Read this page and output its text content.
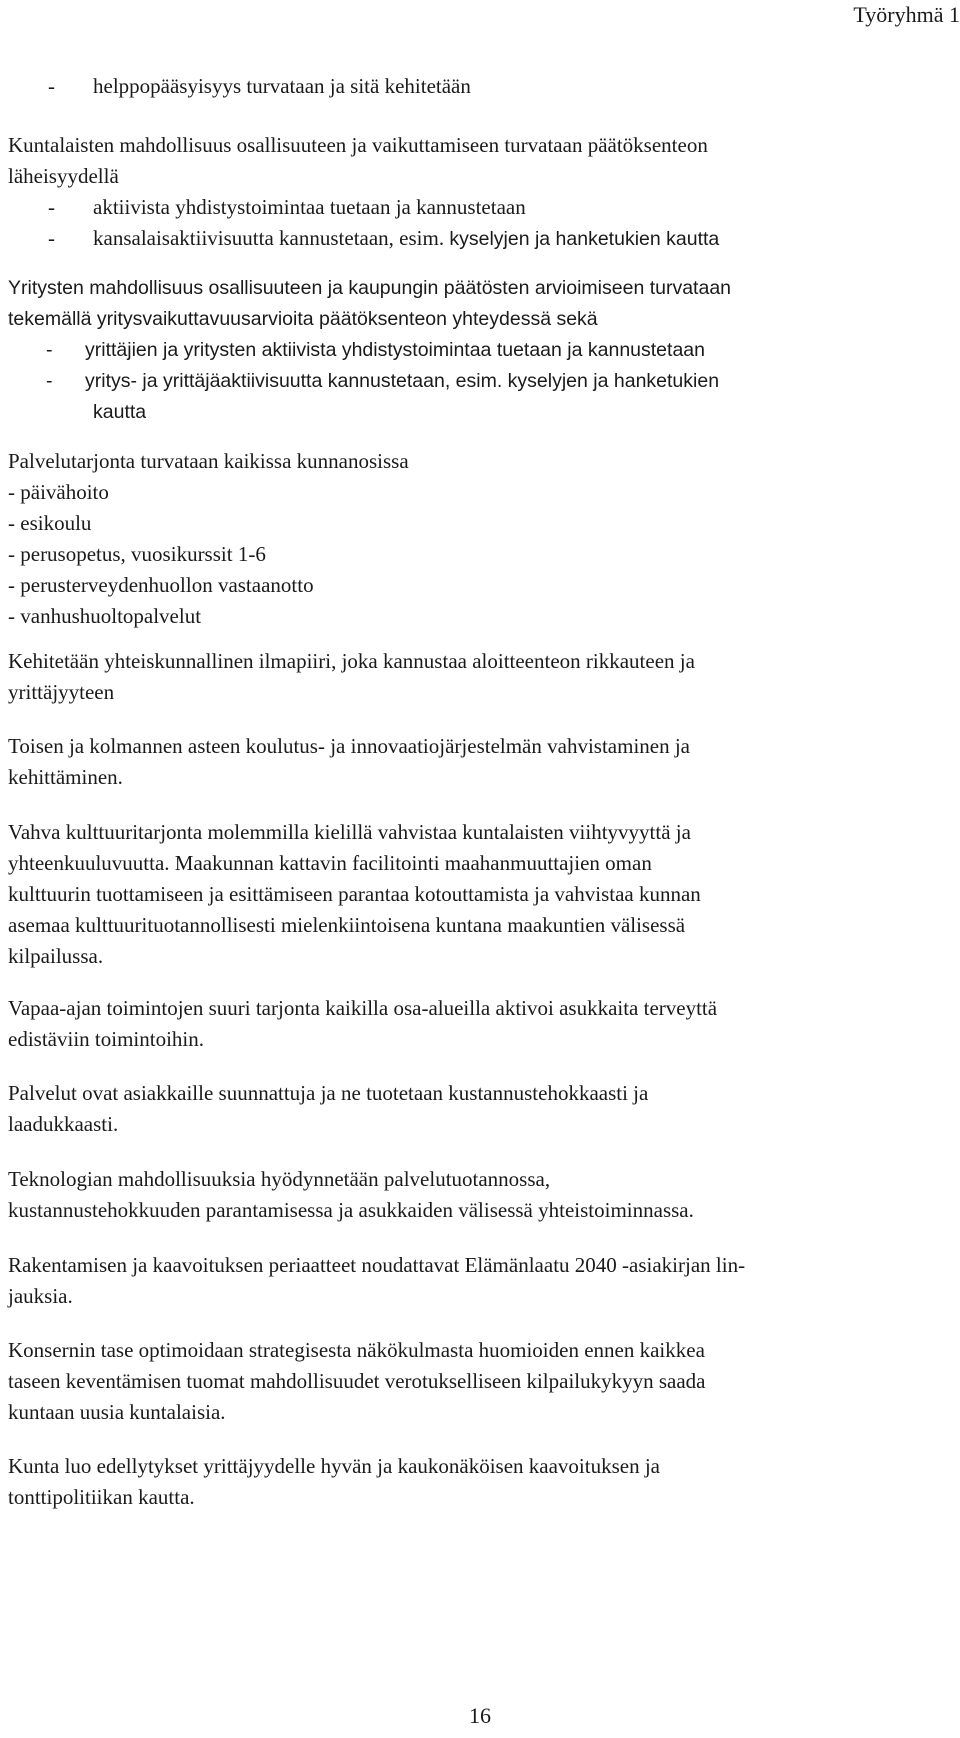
Työryhmä 1
- helppopääsyisyys turvataan ja sitä kehitetään
Kuntalaisten mahdollisuus osallisuuteen ja vaikuttamiseen turvataan päätöksenteon
läheisyydellä
- aktiivista yhdistystoimintaa tuetaan ja kannustetaan
- kansalaisaktiivisuutta kannustetaan, esim. kyselyjen ja hanketukien kautta
Yritysten mahdollisuus osallisuuteen ja kaupungin päätösten arvioimiseen turvataan
tekemällä yritysvaikuttavuusarvioita päätöksenteon yhteydessä sekä
- yrittäjien ja yritysten aktiivista yhdistystoimintaa tuetaan ja kannustetaan
- yritys- ja yrittäjäaktiivisuutta kannustetaan, esim. kyselyjen ja hanketukien
kautta
Palvelutarjonta turvataan kaikissa kunnanosissa
- päivähoito
- esikoulu
- perusopetus, vuosikurssit 1-6
- perusterveydenhuollon vastaanotto
- vanhushuoltopalvelut
Kehitetään yhteiskunnallinen ilmapiiri, joka kannustaa aloitteenteon rikkauteen ja
yrittäjyyteen
Toisen ja kolmannen asteen koulutus- ja innovaatiojärjestelmän vahvistaminen ja
kehittäminen.
Vahva kulttuuritarjonta molemmilla kielillä vahvistaa kuntalaisten viihtyvyyttä ja
yhteenkuuluvuutta. Maakunnan kattavin facilitointi maahanmuuttajien oman
kulttuurin tuottamiseen ja esittämiseen parantaa kotouttamista ja vahvistaa kunnan
asemaa kulttuurituotannollisesti mielenkiintoisena kuntana maakuntien välisessä
kilpailussa.
Vapaa-ajan toimintojen suuri tarjonta kaikilla osa-alueilla aktivoi asukkaita terveyttä
edistäviin toimintoihin.
Palvelut ovat asiakkaille suunnattuja ja ne tuotetaan kustannustehokkaasti ja
laadukkaasti.
Teknologian mahdollisuuksia hyödynnetään palvelutuotannossa,
kustannustehokkuuden parantamisessa ja asukkaiden välisessä yhteistoiminnassa.
Rakentamisen ja kaavoituksen periaatteet noudattavat Elämänlaatu 2040 -asiakirjan lin-
jauksia.
Konsernin tase optimoidaan strategisesta näkökulmasta huomioiden ennen kaikkea
taseen keventämisen tuomat mahdollisuudet verotukselliseen kilpailukykyyn saada
kuntaan uusia kuntalaisia.
Kunta luo edellytykset yrittäjyydelle hyvän ja kaukonäköisen kaavoituksen ja
tonttipolitiikan kautta.
16
